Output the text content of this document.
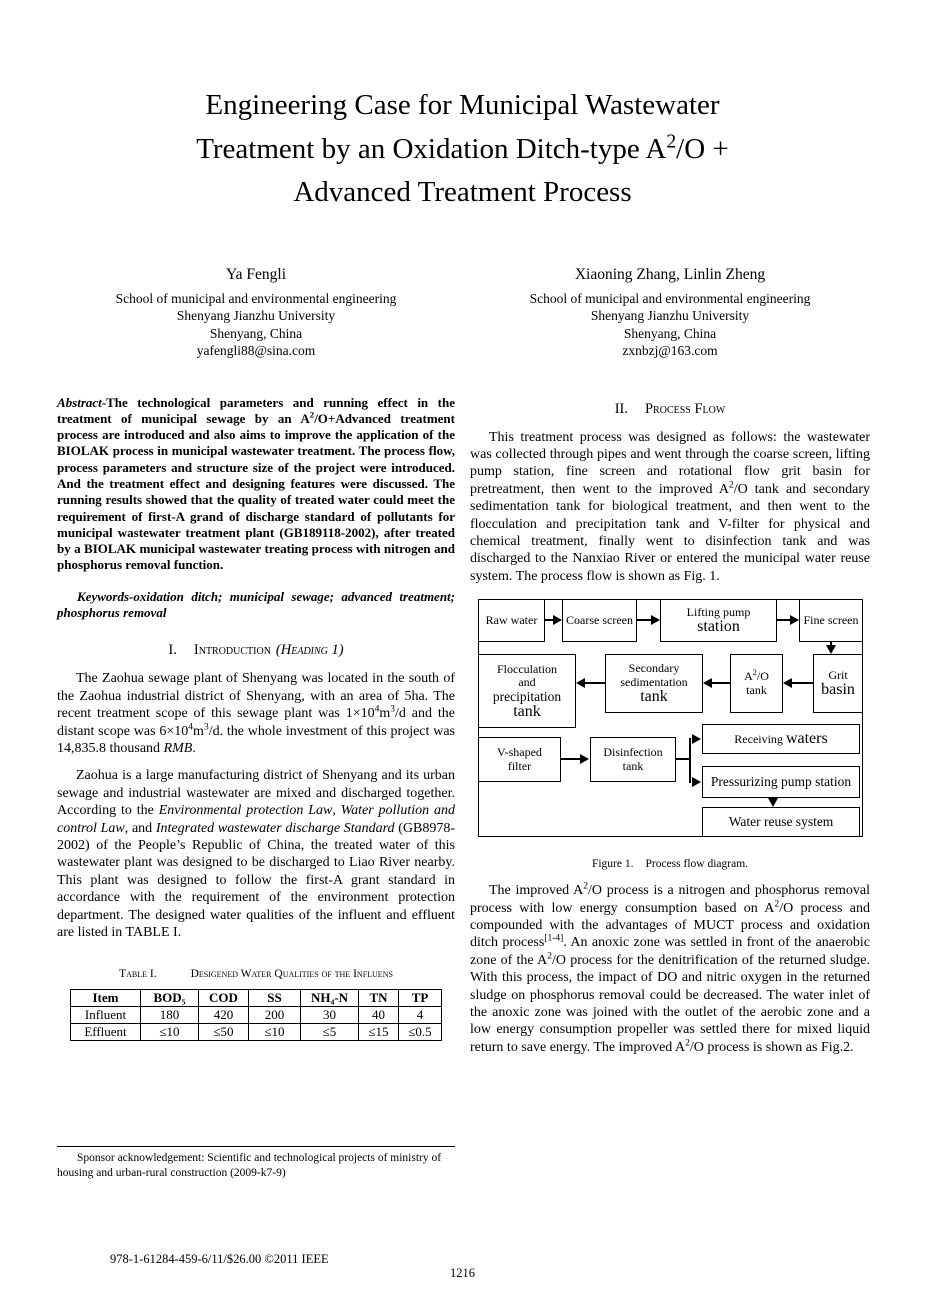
Engineering Case for Municipal Wastewater
Treatment by an Oxidation Ditch-type $A^2/O$ +
Advanced Treatment Process
Ya Fengli
School of municipal and environmental engineering
Shenyang Jianzhu University
Shenyang, China
yafengli88@sina.com
Xiaoning Zhang, Linlin Zheng
School of municipal and environmental engineering
Shenyang Jianzhu University
Shenyang, China
zxnbzj@163.com
Abstract-The technological parameters and running effect in the treatment of municipal sewage by an $A^2/O+Advanced$ treatment process are introduced and also aims to improve the application of the BIOLAK process in municipal wastewater treatment. The process flow, process parameters and structure size of the project were introduced. And the treatment effect and designing features were discussed. The running results showed that the quality of treated water could meet the requirement of first-A grand of discharge standard of pollutants for municipal wastewater treatment plant (GB189118-2002), after treated by a BIOLAK municipal wastewater treating process with nitrogen and phosphorus removal function.
Keywords-oxidation ditch; municipal sewage; advanced treatment; phosphorus removal
I. Introduction (Heading 1)

The Zaohua sewage plant of Shenyang was located in the south of the Zaohua industrial district of Shenyang, with an area of 5ha. The recent treatment scope of this sewage plant was $1\times 10^4m^3/d$ and the distant scope was $6\times 10^4m^3/d$. the whole investment of this project was 14,835.8 thousand RMB.

Zaohua is a large manufacturing district of Shenyang and its urban sewage and industrial wastewater are mixed and discharged together. According to the Environmental protection Law, Water pollution and control Law, and Integrated wastewater discharge Standard (GB8978-2002) of the People’s Republic of China, the treated water of this wastewater plant was designed to be discharged to Liao River nearby. This plant was designed to follow the first-A grant standard in accordance with the requirement of the environment protection department. The designed water qualities of the influent and effluent are listed in TABLE I.

Table I.	Desigened Water Qualities of the Influens
Item	BOD₅	COD	SS	NH₄-N	TN	TP
Influent	180	420	200	30	40	4
Effluent	≤10	≤50	≤10	≤5	≤15	≤0.5
II. Process Flow

This treatment process was designed as follows: the wastewater was collected through pipes and went through the coarse screen, lifting pump station, fine screen and rotational flow grit basin for pretreatment, then went to the improved $A^2/O$ tank and secondary sedimentation tank for biological treatment, and then went to the flocculation and precipitation tank and V-filter for physical and chemical treatment, finally went to disinfection tank and was discharged to the Nanxiao River or entered the municipal water reuse system. The process flow is shown as Fig. 1.

Raw water Coarse screen
Lifting pump
station	Fine screen
Flocculation
and
precipitation
tank
Secondary
sedimentation
tank
$A^2/O$
tank
Grit
basin
V-shaped
filter
Disinfection
tank
Receiving waters
Pressurizing pump station
Water reuse system
Figure 1. Process flow diagram.

The improved $A^2/O$ process is a nitrogen and phosphorus removal process with low energy consumption based on $A^2/O$ process and compounded with the advantages of MUCT process and oxidation ditch process[1-4]. An anoxic zone was settled in front of the anaerobic zone of the $A^2/O$ process for the denitrification of the returned sludge. With this process, the impact of DO and nitric oxygen in the returned sludge on phosphorus removal could be decreased. The water inlet of the anoxic zone was joined with the outlet of the aerobic zone and a low energy consumption propeller was settled there for mixed liquid return to save energy. The improved $A^2/O$ process is shown as Fig.2.

Sponsor acknowledgement: Scientific and technological projects of ministry of housing and urban-rural construction (2009-k7-9)

978-1-61284-459-6/11/$26.00 ©2011 IEEE
1216
